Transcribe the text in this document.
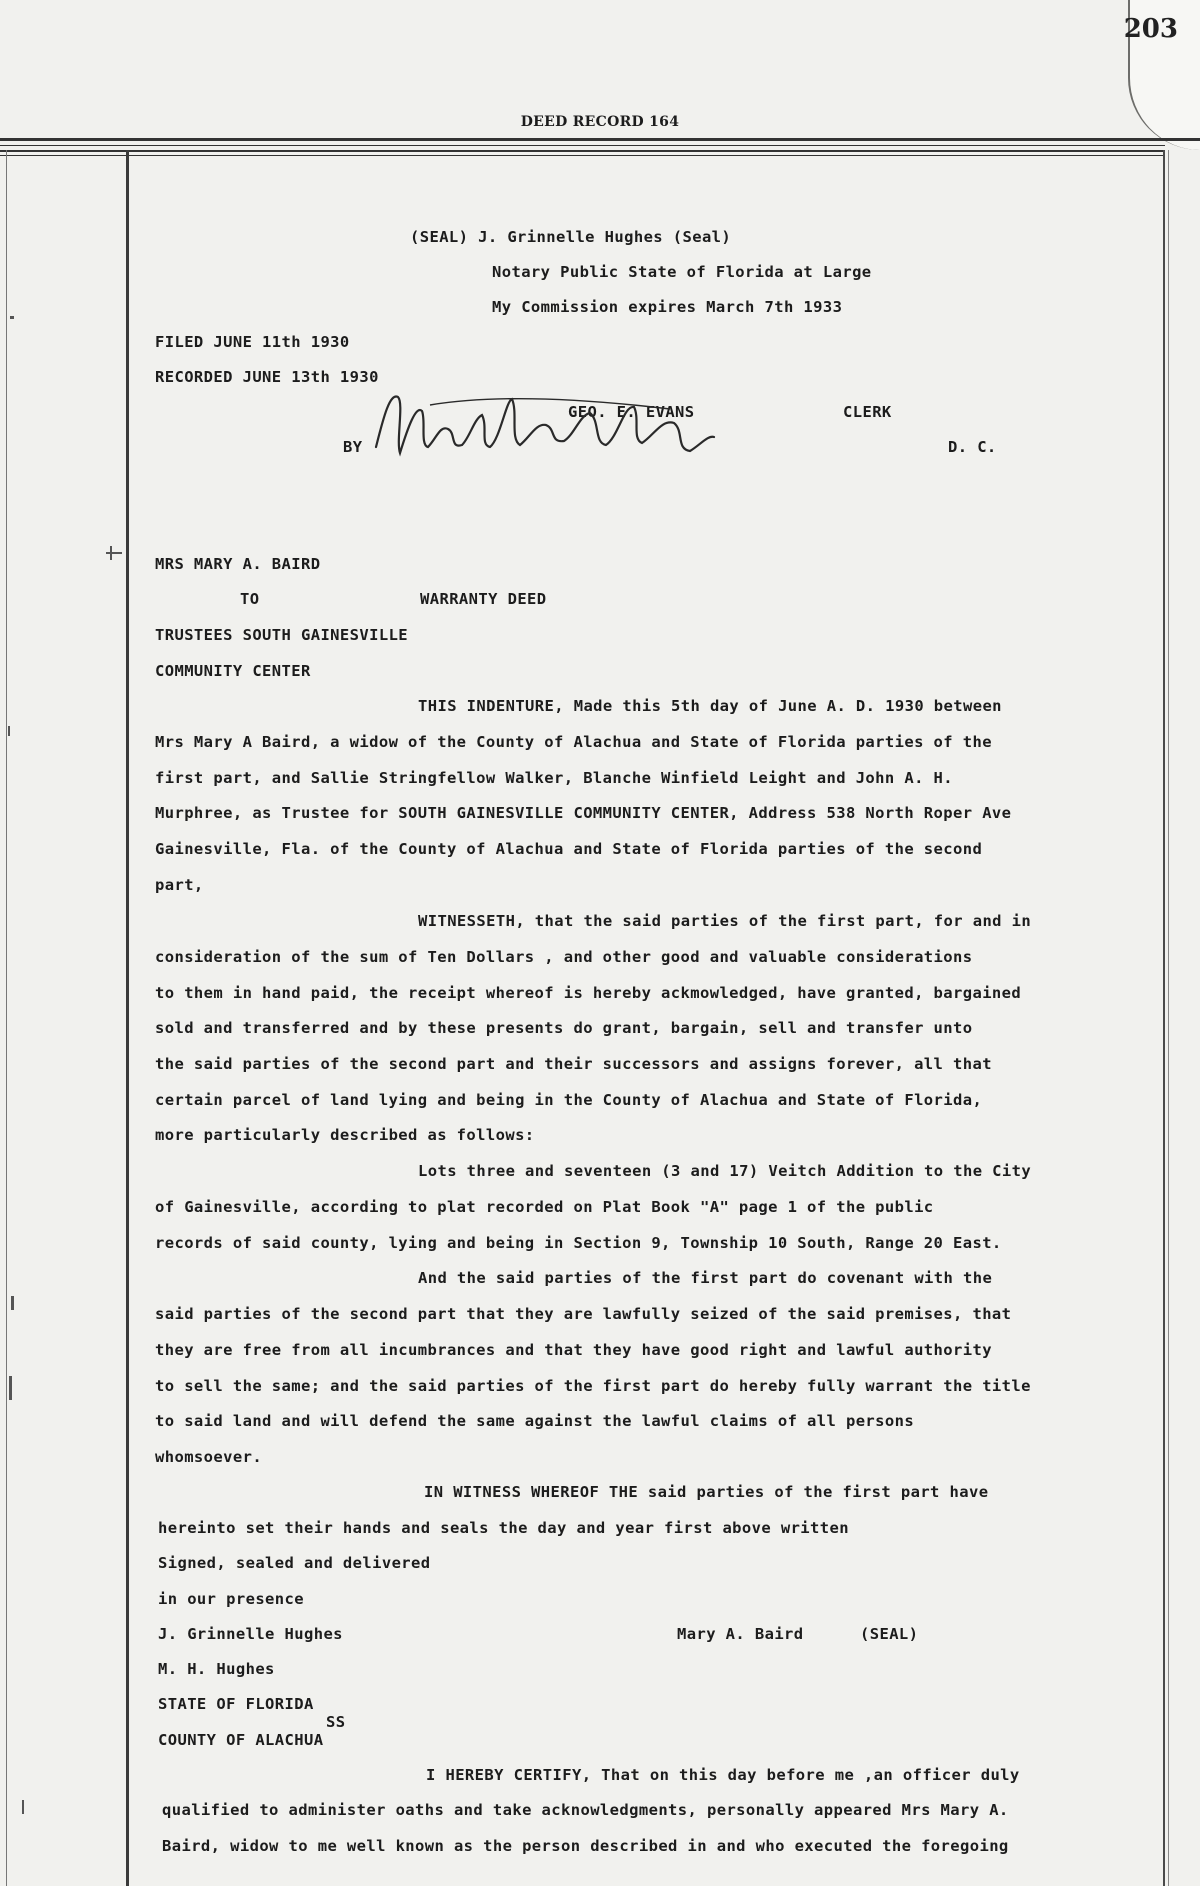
203
DEED RECORD 164
(SEAL) J. Grinnelle Hughes (Seal)
Notary Public State of Florida at Large
My Commission expires March 7th 1933
FILED JUNE 11th 1930
RECORDED JUNE 13th 1930
GEO. E. EVANS	CLERK
BY	D. C.
MRS MARY A. BAIRD
TO	WARRANTY DEED
TRUSTEES SOUTH GAINESVILLE
COMMUNITY CENTER
THIS INDENTURE, Made this 5th day of June A. D. 1930 between
Mrs Mary A Baird, a widow of the County of Alachua and State of Florida parties of the
first part, and Sallie Stringfellow Walker, Blanche Winfield Leight and John A. H.
Murphree, as Trustee for SOUTH GAINESVILLE COMMUNITY CENTER, Address 538 North Roper Ave
Gainesville, Fla. of the County of Alachua and State of Florida parties of the second
part,
WITNESSETH, that the said parties of the first part, for and in
consideration of the sum of Ten Dollars , and other good and valuable considerations
to them in hand paid, the receipt whereof is hereby ackmowledged, have granted, bargained
sold and transferred and by these presents do grant, bargain, sell and transfer unto
the said parties of the second part and their successors and assigns forever, all that
certain parcel of land lying and being in the County of Alachua and State of Florida,
more particularly described as follows:
Lots three and seventeen (3 and 17) Veitch Addition to the City
of Gainesville, according to plat recorded on Plat Book "A" page 1 of the public
records of said county, lying and being in Section 9, Township 10 South, Range 20 East.
And the said parties of the first part do covenant with the
said parties of the second part that they are lawfully seized of the said premises, that
they are free from all incumbrances and that they have good right and lawful authority
to sell the same; and the said parties of the first part do hereby fully warrant the title
to said land and will defend the same against the lawful claims of all persons
whomsoever.
IN WITNESS WHEREOF THE said parties of the first part have
hereinto set their hands and seals the day and year first above written
Signed, sealed and delivered
in our presence
J. Grinnelle Hughes	Mary A. Baird	(SEAL)
M. H. Hughes
STATE OF FLORIDA
SS
COUNTY OF ALACHUA
I HEREBY CERTIFY, That on this day before me ,an officer duly
qualified to administer oaths and take acknowledgments, personally appeared Mrs Mary A.
Baird, widow to me well known as the person described in and who executed the foregoing
